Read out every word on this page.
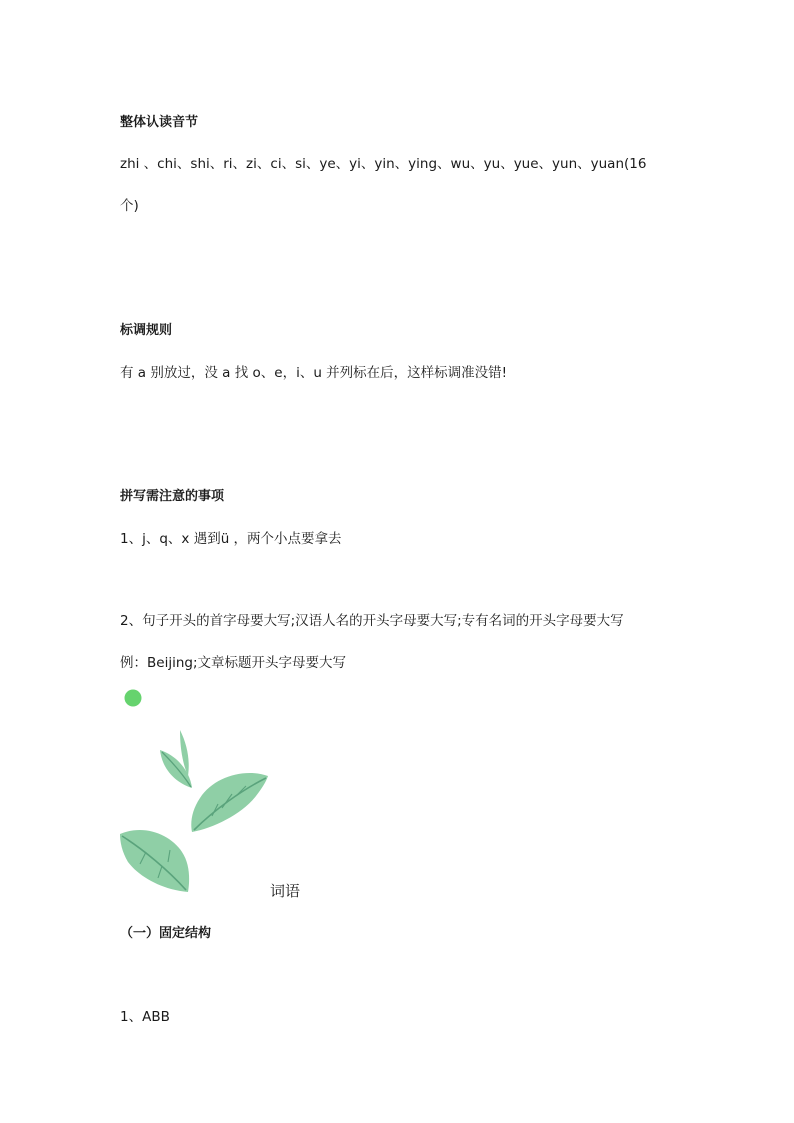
整体认读音节
zhi 、chi、shi、ri、zi、ci、si、ye、yi、yin、ying、wu、yu、yue、yun、yuan(16
个)
标调规则
有 a 别放过，没 a 找 o、e，i、u 并列标在后，这样标调准没错!
拼写需注意的事项
1、j、q、x 遇到ü ，两个小点要拿去
2、句子开头的首字母要大写;汉语人名的开头字母要大写;专有名词的开头字母要大写
例：Beijing;文章标题开头字母要大写
词语
（一）固定结构
1、ABB
